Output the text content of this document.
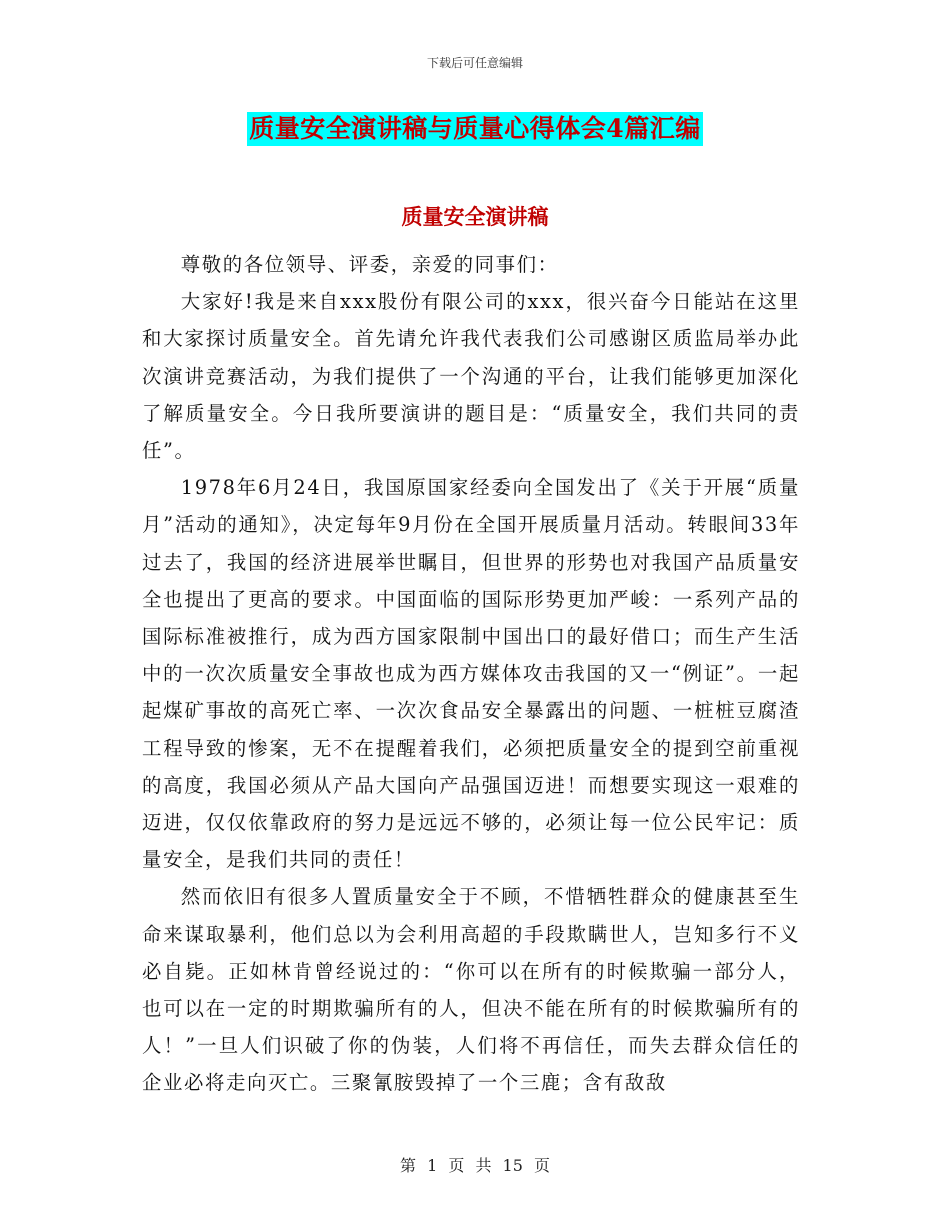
下载后可任意编辑
质量安全演讲稿与质量心得体会4篇汇编
质量安全演讲稿

尊敬的各位领导、评委，亲爱的同事们：

大家好!我是来自xxx股份有限公司的xxx，很兴奋今日能站在这里和大家探讨质量安全。首先请允许我代表我们公司感谢区质监局举办此次演讲竞赛活动，为我们提供了一个沟通的平台，让我们能够更加深化了解质量安全。今日我所要演讲的题目是：“质量安全，我们共同的责任”。

1978年6月24日，我国原国家经委向全国发出了《关于开展“质量月”活动的通知》，决定每年9月份在全国开展质量月活动。转眼间33年过去了，我国的经济进展举世瞩目，但世界的形势也对我国产品质量安全也提出了更高的要求。中国面临的国际形势更加严峻：一系列产品的国际标准被推行，成为西方国家限制中国出口的最好借口；而生产生活中的一次次质量安全事故也成为西方媒体攻击我国的又一“例证”。一起起煤矿事故的高死亡率、一次次食品安全暴露出的问题、一桩桩豆腐渣工程导致的惨案，无不在提醒着我们，必须把质量安全的提到空前重视的高度，我国必须从产品大国向产品强国迈进！而想要实现这一艰难的迈进，仅仅依靠政府的努力是远远不够的，必须让每一位公民牢记：质量安全，是我们共同的责任！

然而依旧有很多人置质量安全于不顾，不惜牺牲群众的健康甚至生命来谋取暴利，他们总以为会利用高超的手段欺瞒世人，岂知多行不义必自毙。正如林肯曾经说过的：“你可以在所有的时候欺骗一部分人，也可以在一定的时期欺骗所有的人，但决不能在所有的时候欺骗所有的人！”一旦人们识破了你的伪装，人们将不再信任，而失去群众信任的企业必将走向灭亡。三聚氰胺毁掉了一个三鹿；含有敌敌

第 1 页 共 15 页
